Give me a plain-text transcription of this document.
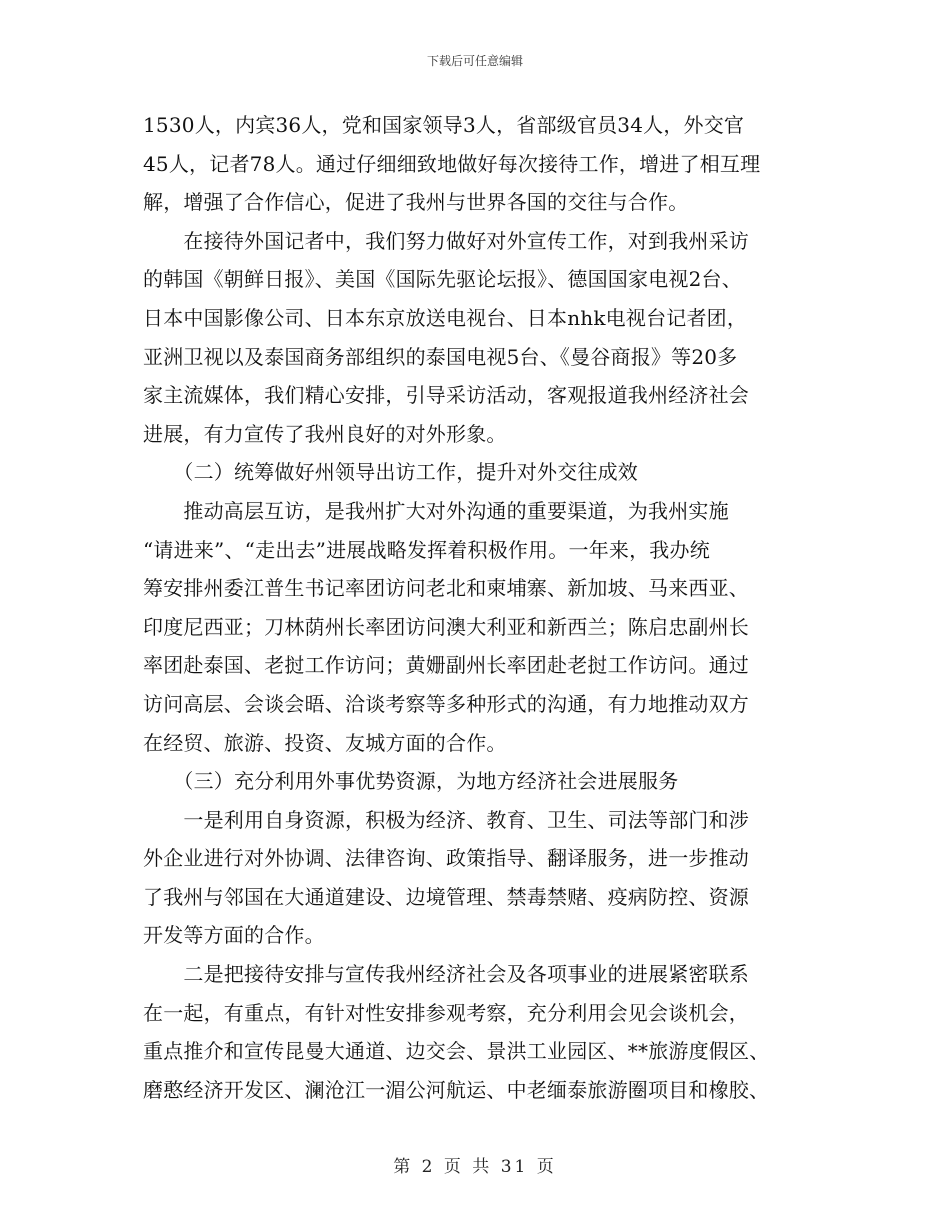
下载后可任意编辑

1530人，内宾36人，党和国家领导3人，省部级官员34人，外交官

45人，记者78人。通过仔细细致地做好每次接待工作，增进了相互理

解，增强了合作信心，促进了我州与世界各国的交往与合作。

　　在接待外国记者中，我们努力做好对外宣传工作，对到我州采访

的韩国《朝鲜日报》、美国《国际先驱论坛报》、德国国家电视2台、

日本中国影像公司、日本东京放送电视台、日本nhk电视台记者团，

亚洲卫视以及泰国商务部组织的泰国电视5台、《曼谷商报》等20多

家主流媒体，我们精心安排，引导采访活动，客观报道我州经济社会

进展，有力宣传了我州良好的对外形象。

　　（二）统筹做好州领导出访工作，提升对外交往成效

　　推动高层互访，是我州扩大对外沟通的重要渠道，为我州实施

“请进来”、“走出去”进展战略发挥着积极作用。一年来，我办统

筹安排州委江普生书记率团访问老北和柬埔寨、新加坡、马来西亚、

印度尼西亚；刀林荫州长率团访问澳大利亚和新西兰；陈启忠副州长

率团赴泰国、老挝工作访问；黄姗副州长率团赴老挝工作访问。通过

访问高层、会谈会晤、洽谈考察等多种形式的沟通，有力地推动双方

在经贸、旅游、投资、友城方面的合作。

　　（三）充分利用外事优势资源，为地方经济社会进展服务

　　一是利用自身资源，积极为经济、教育、卫生、司法等部门和涉

外企业进行对外协调、法律咨询、政策指导、翻译服务，进一步推动

了我州与邻国在大通道建设、边境管理、禁毒禁赌、疫病防控、资源

开发等方面的合作。

　　二是把接待安排与宣传我州经济社会及各项事业的进展紧密联系

在一起，有重点，有针对性安排参观考察，充分利用会见会谈机会，

重点推介和宣传昆曼大通道、边交会、景洪工业园区、**旅游度假区、

磨憨经济开发区、澜沧江一湄公河航运、中老缅泰旅游圈项目和橡胶、

第 2 页 共 31 页
